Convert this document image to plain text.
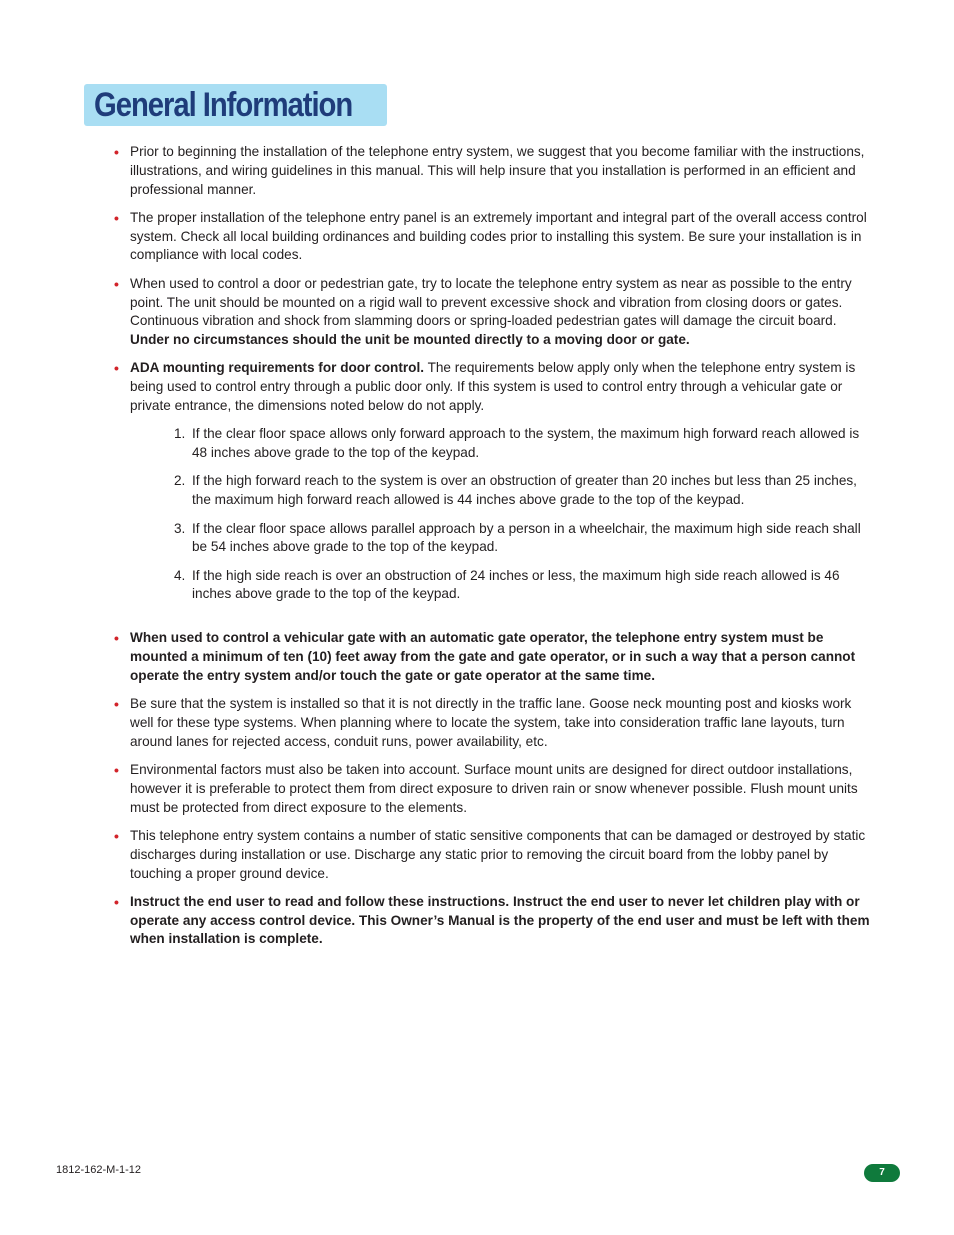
General Information
• Prior to beginning the installation of the telephone entry system, we suggest that you become familiar with the instructions, illustrations, and wiring guidelines in this manual. This will help insure that you installation is performed in an efficient and professional manner.
• The proper installation of the telephone entry panel is an extremely important and integral part of the overall access control system. Check all local building ordinances and building codes prior to installing this system. Be sure your installation is in compliance with local codes.
• When used to control a door or pedestrian gate, try to locate the telephone entry system as near as possible to the entry point. The unit should be mounted on a rigid wall to prevent excessive shock and vibration from closing doors or gates. Continuous vibration and shock from slamming doors or spring-loaded pedestrian gates will damage the circuit board. Under no circumstances should the unit be mounted directly to a moving door or gate.
• ADA mounting requirements for door control. The requirements below apply only when the telephone entry system is being used to control entry through a public door only. If this system is used to control entry through a vehicular gate or private entrance, the dimensions noted below do not apply.
1. If the clear floor space allows only forward approach to the system, the maximum high forward reach allowed is 48 inches above grade to the top of the keypad.
2. If the high forward reach to the system is over an obstruction of greater than 20 inches but less than 25 inches, the maximum high forward reach allowed is 44 inches above grade to the top of the keypad.
3. If the clear floor space allows parallel approach by a person in a wheelchair, the maximum high side reach shall be 54 inches above grade to the top of the keypad.
4. If the high side reach is over an obstruction of 24 inches or less, the maximum high side reach allowed is 46 inches above grade to the top of the keypad.
• When used to control a vehicular gate with an automatic gate operator, the telephone entry system must be mounted a minimum of ten (10) feet away from the gate and gate operator, or in such a way that a person cannot operate the entry system and/or touch the gate or gate operator at the same time.
• Be sure that the system is installed so that it is not directly in the traffic lane. Goose neck mounting post and kiosks work well for these type systems. When planning where to locate the system, take into consideration traffic lane layouts, turn around lanes for rejected access, conduit runs, power availability, etc.
• Environmental factors must also be taken into account. Surface mount units are designed for direct outdoor installations, however it is preferable to protect them from direct exposure to driven rain or snow whenever possible. Flush mount units must be protected from direct exposure to the elements.
• This telephone entry system contains a number of static sensitive components that can be damaged or destroyed by static discharges during installation or use. Discharge any static prior to removing the circuit board from the lobby panel by touching a proper ground device.
• Instruct the end user to read and follow these instructions. Instruct the end user to never let children play with or operate any access control device. This Owner’s Manual is the property of the end user and must be left with them when installation is complete.
1812-162-M-1-12	7
